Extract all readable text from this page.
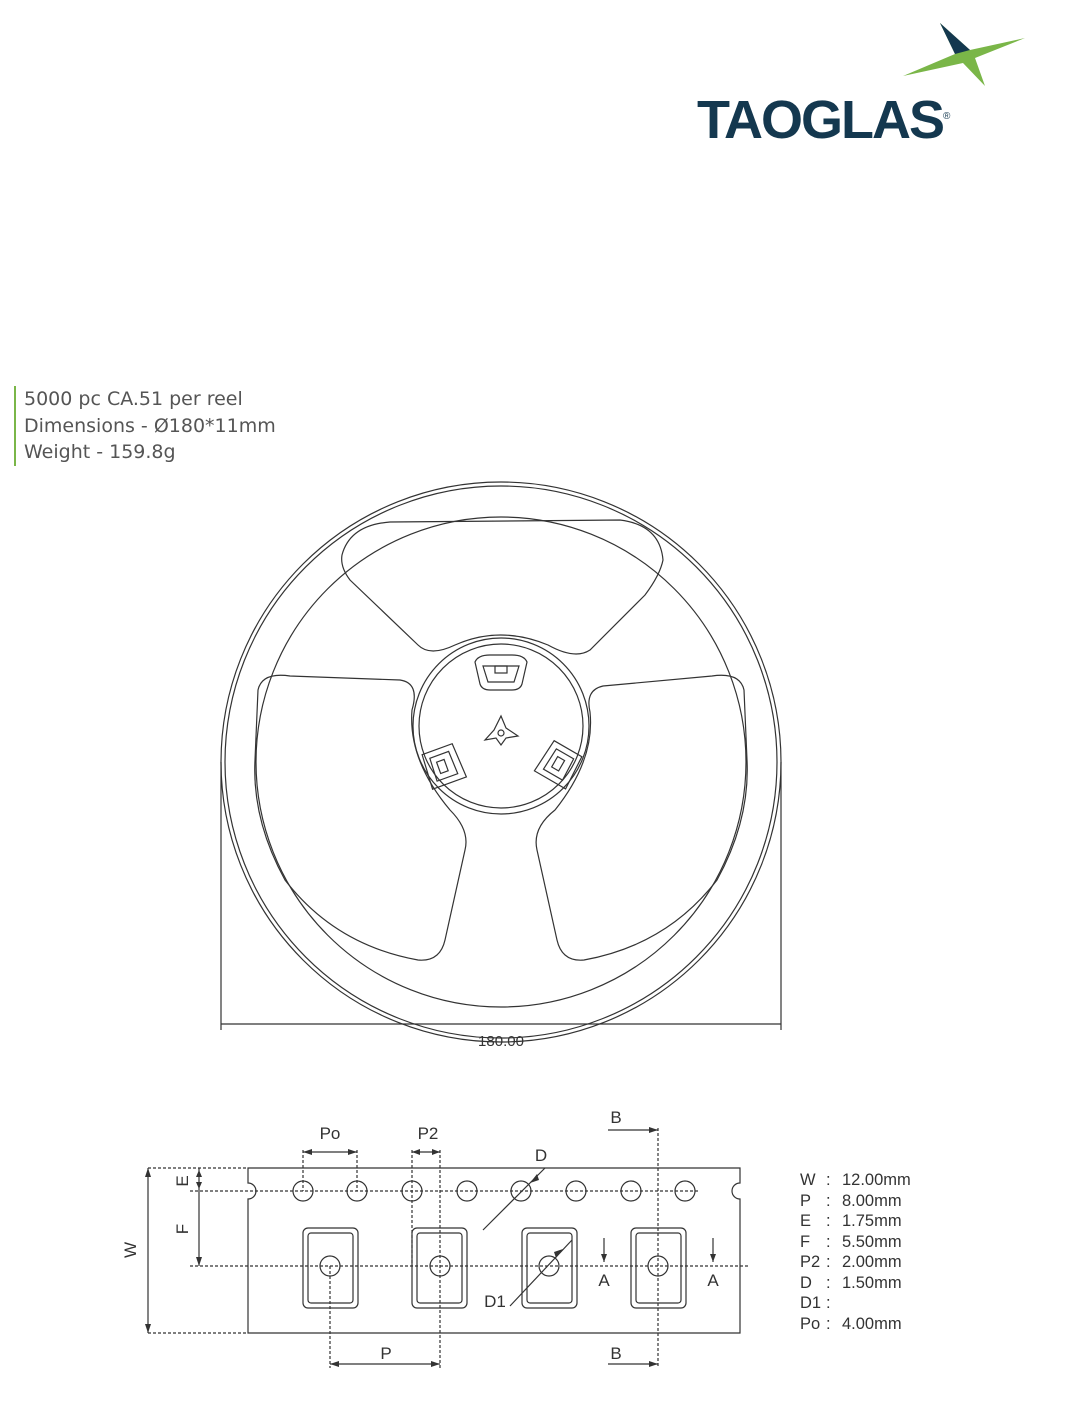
TAOGLAS®
5000 pc CA.51 per reel
Dimensions - Ø180*11mm
Weight - 159.8g
180.00
Po	P2
B
D
E
F
W
D1
A	A
P	B
W : 12.00mm
P : 8.00mm
E : 1.75mm
F : 5.50mm
P2 : 2.00mm
D : 1.50mm
D1 :
Po : 4.00mm
